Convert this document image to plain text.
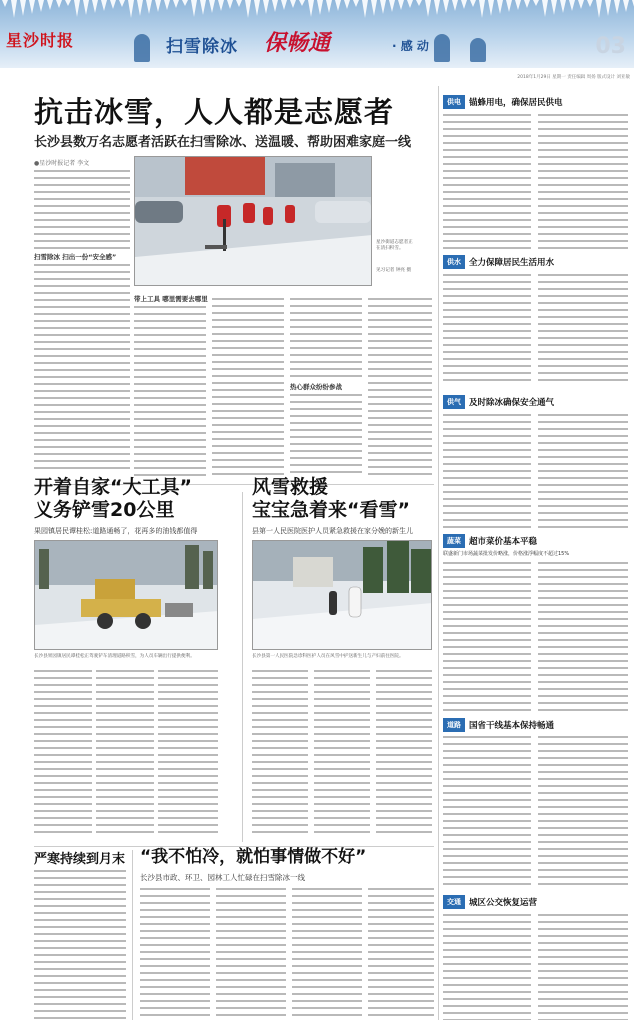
星沙时报	扫雪除冰 保畅通	· 感 动	03
2018年1月29日 星期一 责任编辑 周扬 版式设计 刘亚敏
抗击冰雪，人人都是志愿者
长沙县数万名志愿者活跃在扫雪除冰、送温暖、帮助困难家庭一线
●星沙时报记者 李文
扫雪除冰 扫出一份“安全感”
星沙街道志愿者正在清扫积雪。
见习记者 钟亮 摄
带上工具 哪里需要去哪里
热心群众纷纷参战
开着自家“大工具”
义务铲雪20公里
果园镇居民谭桂松:道路通畅了，花再多的油钱都值得
长沙县果园镇居民谭桂松正驾驶铲车清理道路积雪，为人员车辆出行提供便利。
风雪救援
宝宝急着来“看雪”
县第一人民医院医护人员紧急救援在家分娩的新生儿
长沙县第一人民医院急诊科医护人员在风雪中护送新生儿与产妇前往医院。
严寒持续到月末 “我不怕冷，就怕事情做不好”
长沙县市政、环卫、园林工人忙碌在扫雪除冰一线
供电 锚蜂用电，确保居民供电
供水 全力保障居民生活用水
供气 及时除冰确保安全通气
蔬菜 超市菜价基本平稳
联盛新门市场蔬菜批发价略涨，价格涨浮幅度不超过15%
道路 国省干线基本保持畅通
交通 城区公交恢复运营
